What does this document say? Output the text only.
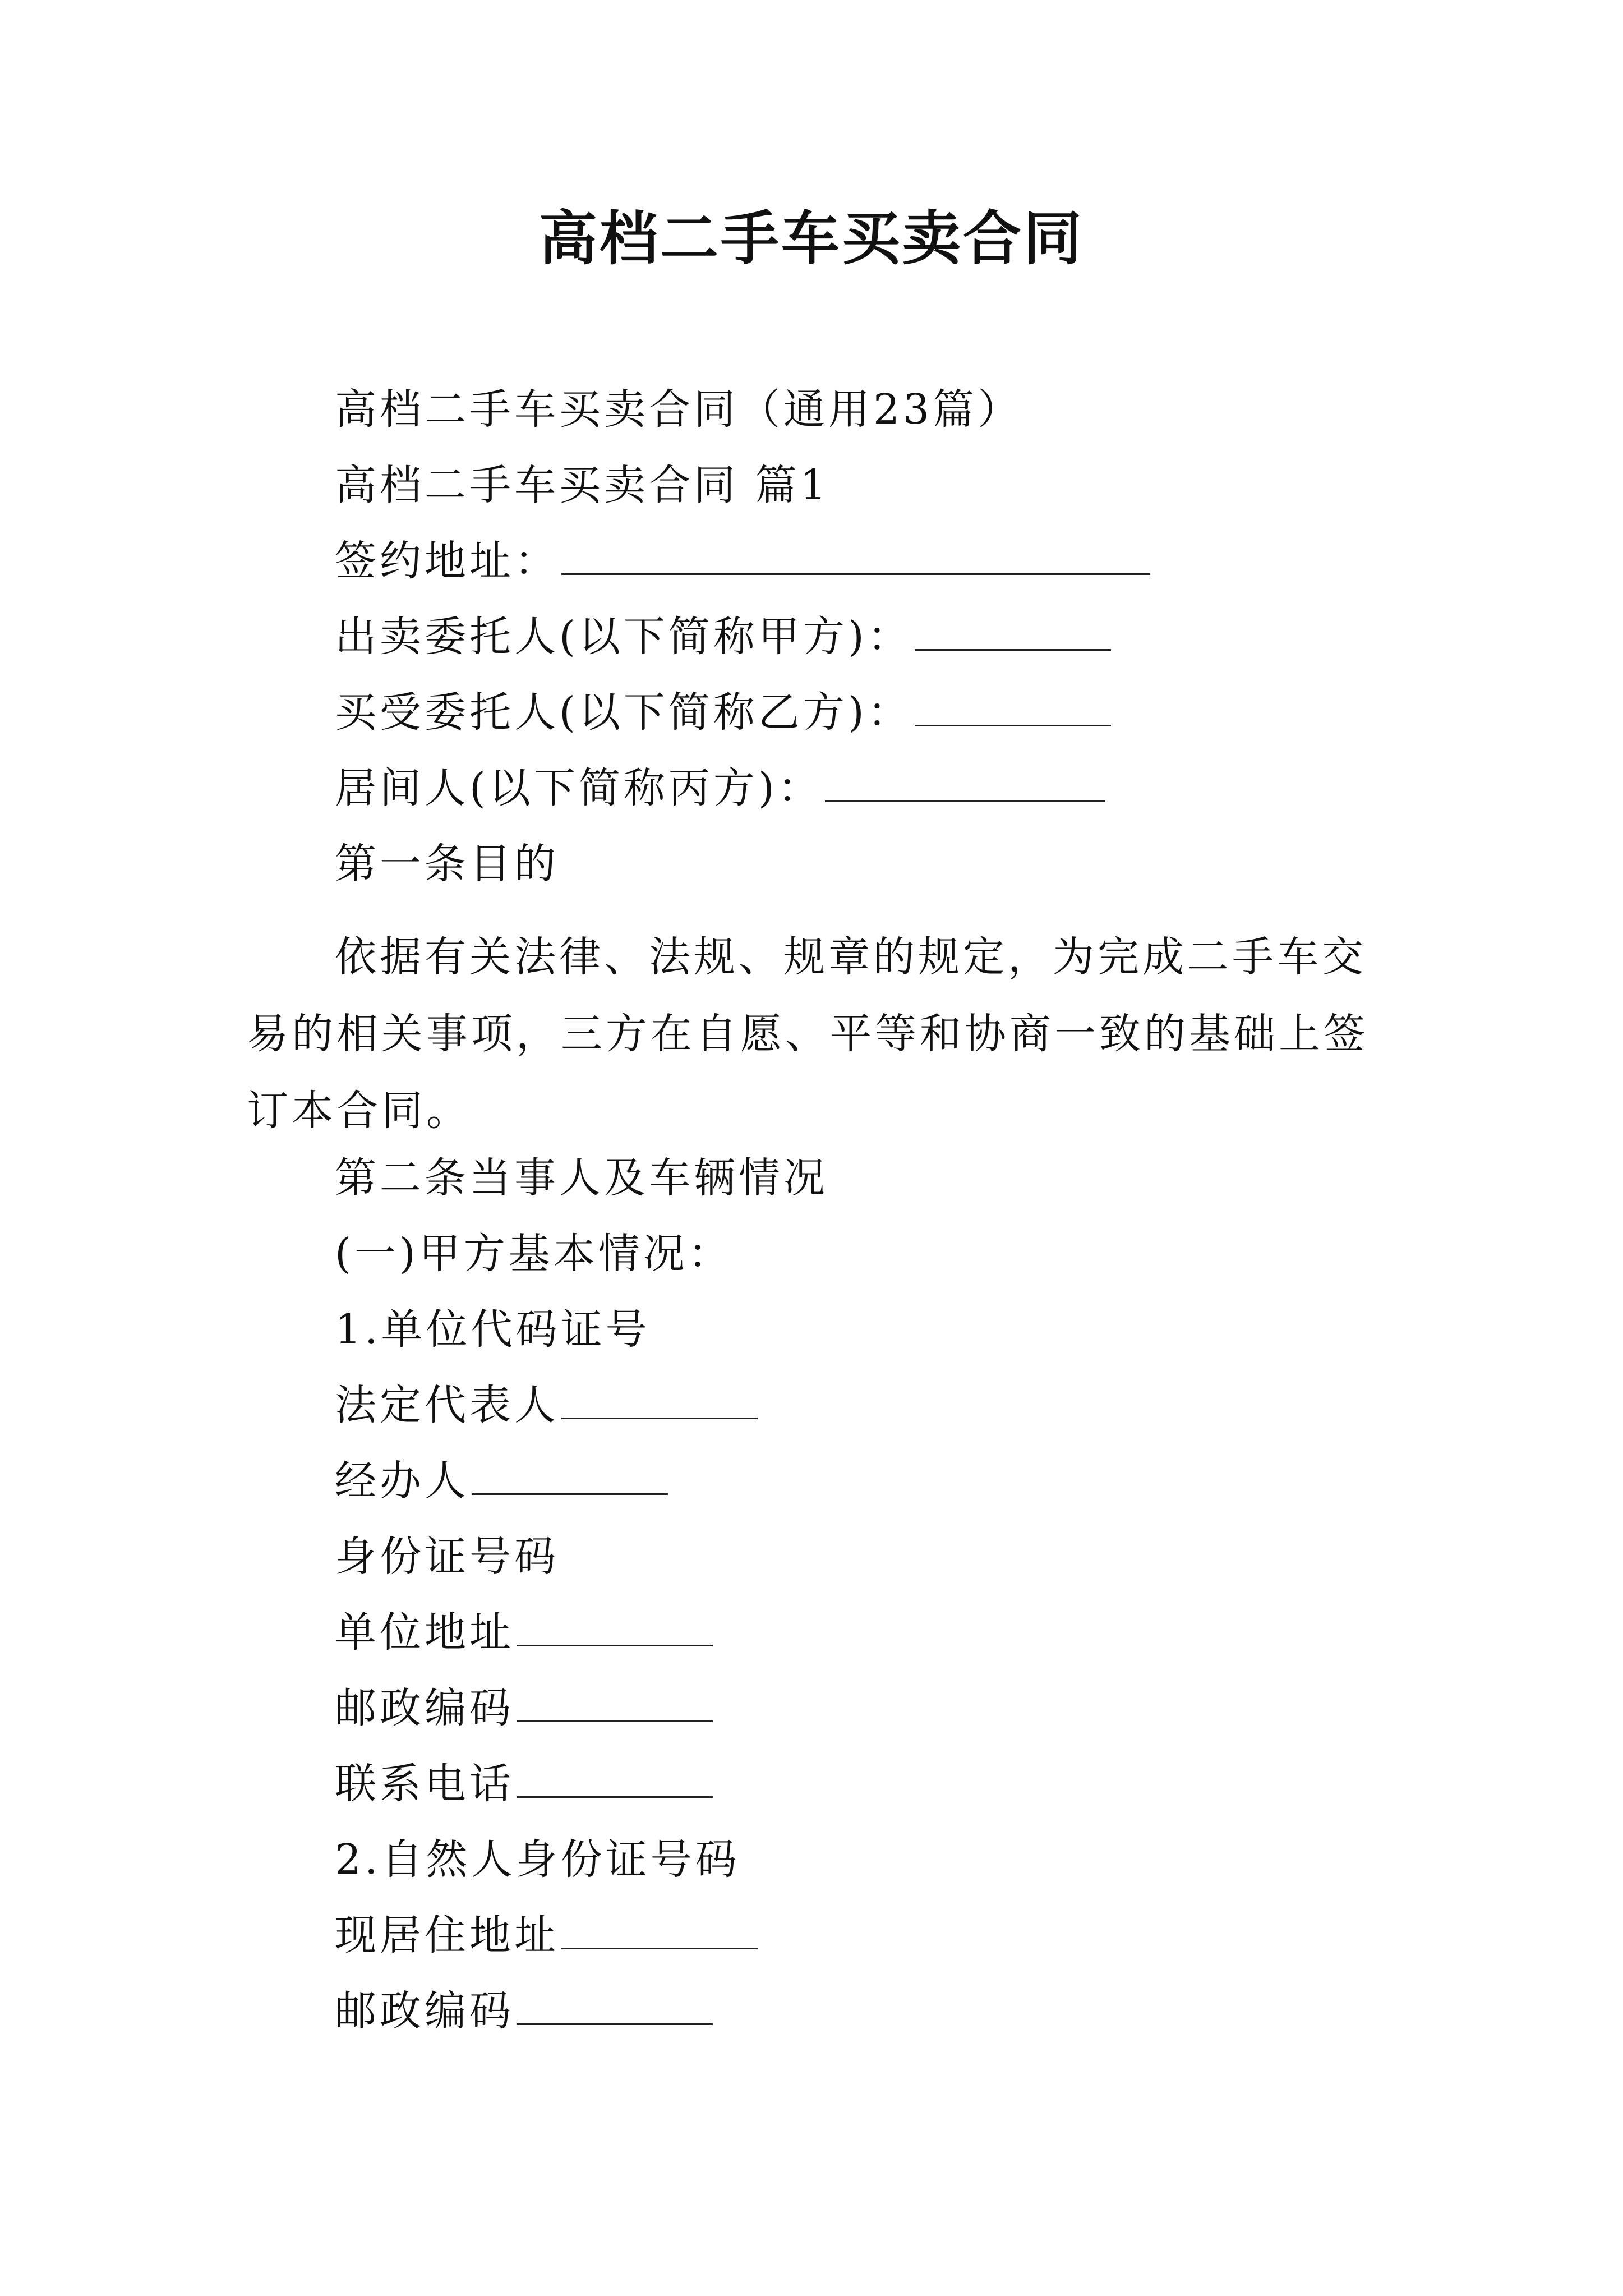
高档二手车买卖合同
高档二手车买卖合同（通用23篇）
高档二手车买卖合同 篇1
签约地址：
出卖委托人(以下简称甲方)：
买受委托人(以下简称乙方)：
居间人(以下简称丙方)：
第一条目的

依据有关法律、法规、规章的规定，为完成二手车交易的相关事项，三方在自愿、平等和协商一致的基础上签订本合同。

第二条当事人及车辆情况
(一)甲方基本情况：
1.单位代码证号
法定代表人
经办人
身份证号码
单位地址
邮政编码
联系电话
2.自然人身份证号码
现居住地址
邮政编码
